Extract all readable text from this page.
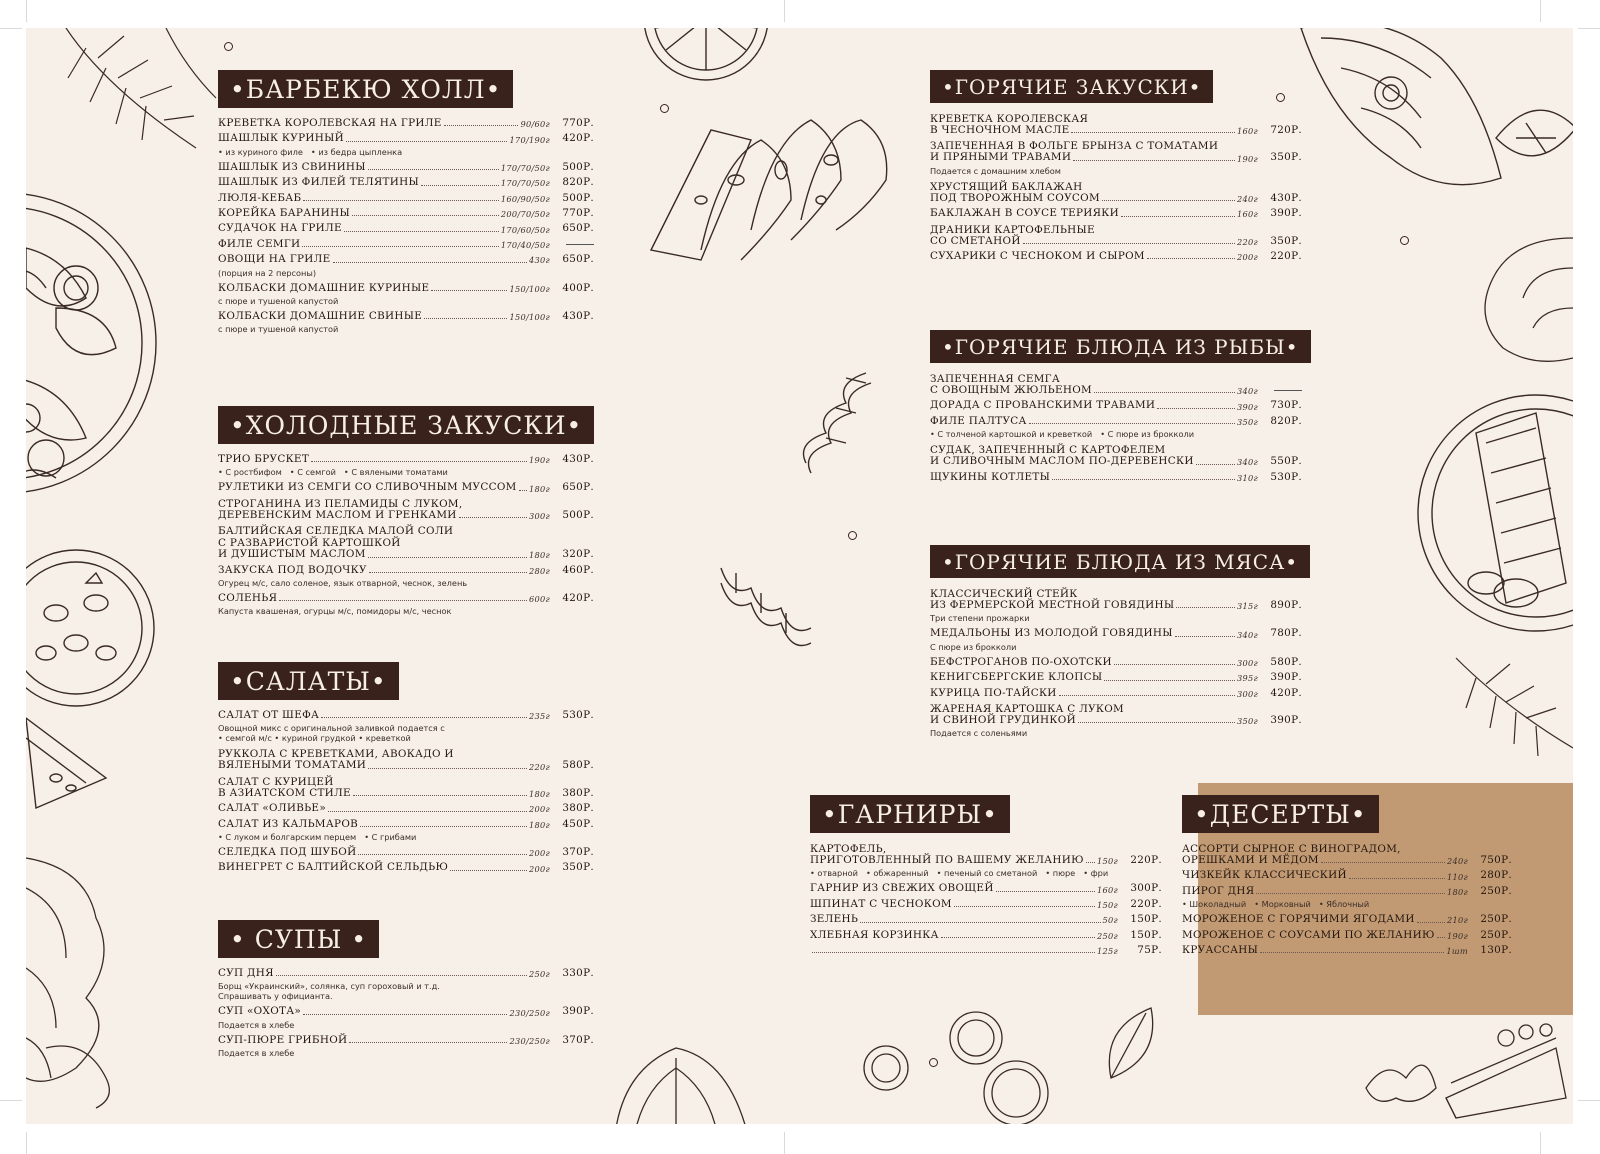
•БАРБЕКЮ ХОЛЛ•
КРЕВЕТКА КОРОЛЕВСКАЯ НА ГРИЛЕ	90/60г	770Р.
ШАШЛЫК КУРИНЫЙ	170/190г	420Р.
• из куриного филе • из бедра цыпленка
ШАШЛЫК ИЗ СВИНИНЫ	170/70/50г	500Р.
ШАШЛЫК ИЗ ФИЛЕЙ ТЕЛЯТИНЫ	170/70/50г	820Р.
ЛЮЛЯ-КЕБАБ	160/90/50г	500Р.
КОРЕЙКА БАРАНИНЫ	200/70/50г	770Р.
СУДАЧОК НА ГРИЛЕ	170/60/50г	650Р.
ФИЛЕ СЕМГИ	170/40/50г
ОВОЩИ НА ГРИЛЕ	430г	650Р.
(порция на 2 персоны)
КОЛБАСКИ ДОМАШНИЕ КУРИНЫЕ	150/100г	400Р.
с пюре и тушеной капустой
КОЛБАСКИ ДОМАШНИЕ СВИНЫЕ	150/100г	430Р.
с пюре и тушеной капустой
•ХОЛОДНЫЕ ЗАКУСКИ•
ТРИО БРУСКЕТ	190г	430Р.
• С ростбифом • С семгой • С вялеными томатами
РУЛЕТИКИ ИЗ СЕМГИ СО СЛИВОЧНЫМ МУССОМ 180г	650Р.
СТРОГАНИНА ИЗ ПЕЛАМИДЫ С ЛУКОМ,
ДЕРЕВЕНСКИМ МАСЛОМ И ГРЕНКАМИ	300г	500Р.
БАЛТИЙСКАЯ СЕЛЕДКА МАЛОЙ СОЛИ
С РАЗВАРИСТОЙ КАРТОШКОЙ
И ДУШИСТЫМ МАСЛОМ	180г	320Р.
ЗАКУСКА ПОД ВОДОЧКУ	280г	460Р.
Огурец м/с, сало соленое, язык отварной, чеснок, зелень
СОЛЕНЬЯ	600г	420Р.
Капуста квашеная, огурцы м/с, помидоры м/с, чеснок
•САЛАТЫ•
САЛАТ ОТ ШЕФА	235г	530Р.
Овощной микс с оригинальной заливкой подается с
• семгой м/с • куриной грудкой • креветкой
РУККОЛА С КРЕВЕТКАМИ, АВОКАДО И
ВЯЛЕНЫМИ ТОМАТАМИ	220г	580Р.
САЛАТ С КУРИЦЕЙ
В АЗИАТСКОМ СТИЛЕ	180г	380Р.
САЛАТ «ОЛИВЬЕ»	200г	380Р.
САЛАТ ИЗ КАЛЬМАРОВ	180г	450Р.
• С луком и болгарским перцем • С грибами
СЕЛЕДКА ПОД ШУБОЙ	200г	370Р.
ВИНЕГРЕТ С БАЛТИЙСКОЙ СЕЛЬДЬЮ	200г	350Р.
• СУПЫ •
СУП ДНЯ	250г	330Р.
Борщ «Украинский», солянка, суп гороховый и т.д.
Спрашивать у официанта.
СУП «ОХОТА»	230/250г	390Р.
Подается в хлебе
СУП-ПЮРЕ ГРИБНОЙ	230/250г	370Р.
Подается в хлебе
•ГОРЯЧИЕ ЗАКУСКИ•
КРЕВЕТКА КОРОЛЕВСКАЯ
В ЧЕСНОЧНОМ МАСЛЕ	160г	720Р.
ЗАПЕЧЕННАЯ В ФОЛЬГЕ БРЫНЗА С ТОМАТАМИ
И ПРЯНЫМИ ТРАВАМИ	190г	350Р.
Подается с домашним хлебом
ХРУСТЯЩИЙ БАКЛАЖАН
ПОД ТВОРОЖНЫМ СОУСОМ	240г	430Р.
БАКЛАЖАН В СОУСЕ ТЕРИЯКИ	160г	390Р.
ДРАНИКИ КАРТОФЕЛЬНЫЕ
СО СМЕТАНОЙ	220г	350Р.
СУХАРИКИ С ЧЕСНОКОМ И СЫРОМ	200г	220Р.
•ГОРЯЧИЕ БЛЮДА ИЗ РЫБЫ•
ЗАПЕЧЕННАЯ СЕМГА
С ОВОЩНЫМ ЖЮЛЬЕНОМ	340г
ДОРАДА С ПРОВАНСКИМИ ТРАВАМИ	390г	730Р.
ФИЛЕ ПАЛТУСА	350г	820Р.
• С толченой картошкой и креветкой • С пюре из брокколи
СУДАК, ЗАПЕЧЕННЫЙ С КАРТОФЕЛЕМ
И СЛИВОЧНЫМ МАСЛОМ ПО-ДЕРЕВЕНСКИ	340г	550Р.
ЩУКИНЫ КОТЛЕТЫ	310г	530Р.
•ГОРЯЧИЕ БЛЮДА ИЗ МЯСА•
КЛАССИЧЕСКИЙ СТЕЙК
ИЗ ФЕРМЕРСКОЙ МЕСТНОЙ ГОВЯДИНЫ	315г	890Р.
Три степени прожарки
МЕДАЛЬОНЫ ИЗ МОЛОДОЙ ГОВЯДИНЫ	340г	780Р.
С пюре из брокколи
БЕФСТРОГАНОВ ПО-ОХОТСКИ	300г	580Р.
КЕНИГСБЕРГСКИЕ КЛОПСЫ	395г	390Р.
КУРИЦА ПО-ТАЙСКИ	300г	420Р.
ЖАРЕНАЯ КАРТОШКА С ЛУКОМ
И СВИНОЙ ГРУДИНКОЙ	350г	390Р.
Подается с соленьями
•ГАРНИРЫ•
КАРТОФЕЛЬ,
ПРИГОТОВЛЕННЫЙ ПО ВАШЕМУ ЖЕЛАНИЮ 150г	220Р.
• отварной • обжаренный • печеный со сметаной • пюре • фри
ГАРНИР ИЗ СВЕЖИХ ОВОЩЕЙ	160г	300Р.
ШПИНАТ С ЧЕСНОКОМ	150г	220Р.
ЗЕЛЕНЬ	50г	150Р.
ХЛЕБНАЯ КОРЗИНКА	250г	150Р.
125г	75Р.
•ДЕСЕРТЫ•
АССОРТИ СЫРНОЕ С ВИНОГРАДОМ,
ОРЕШКАМИ И МЁДОМ	240г	750Р.
ЧИЗКЕЙК КЛАССИЧЕСКИЙ	110г	280Р.
ПИРОГ ДНЯ	180г	250Р.
• Шоколадный • Морковный • Яблочный
МОРОЖЕНОЕ С ГОРЯЧИМИ ЯГОДАМИ	210г	250Р.
МОРОЖЕНОЕ С СОУСАМИ ПО ЖЕЛАНИЮ 190г	250Р.
КРУАССАНЫ	1шт	130Р.
